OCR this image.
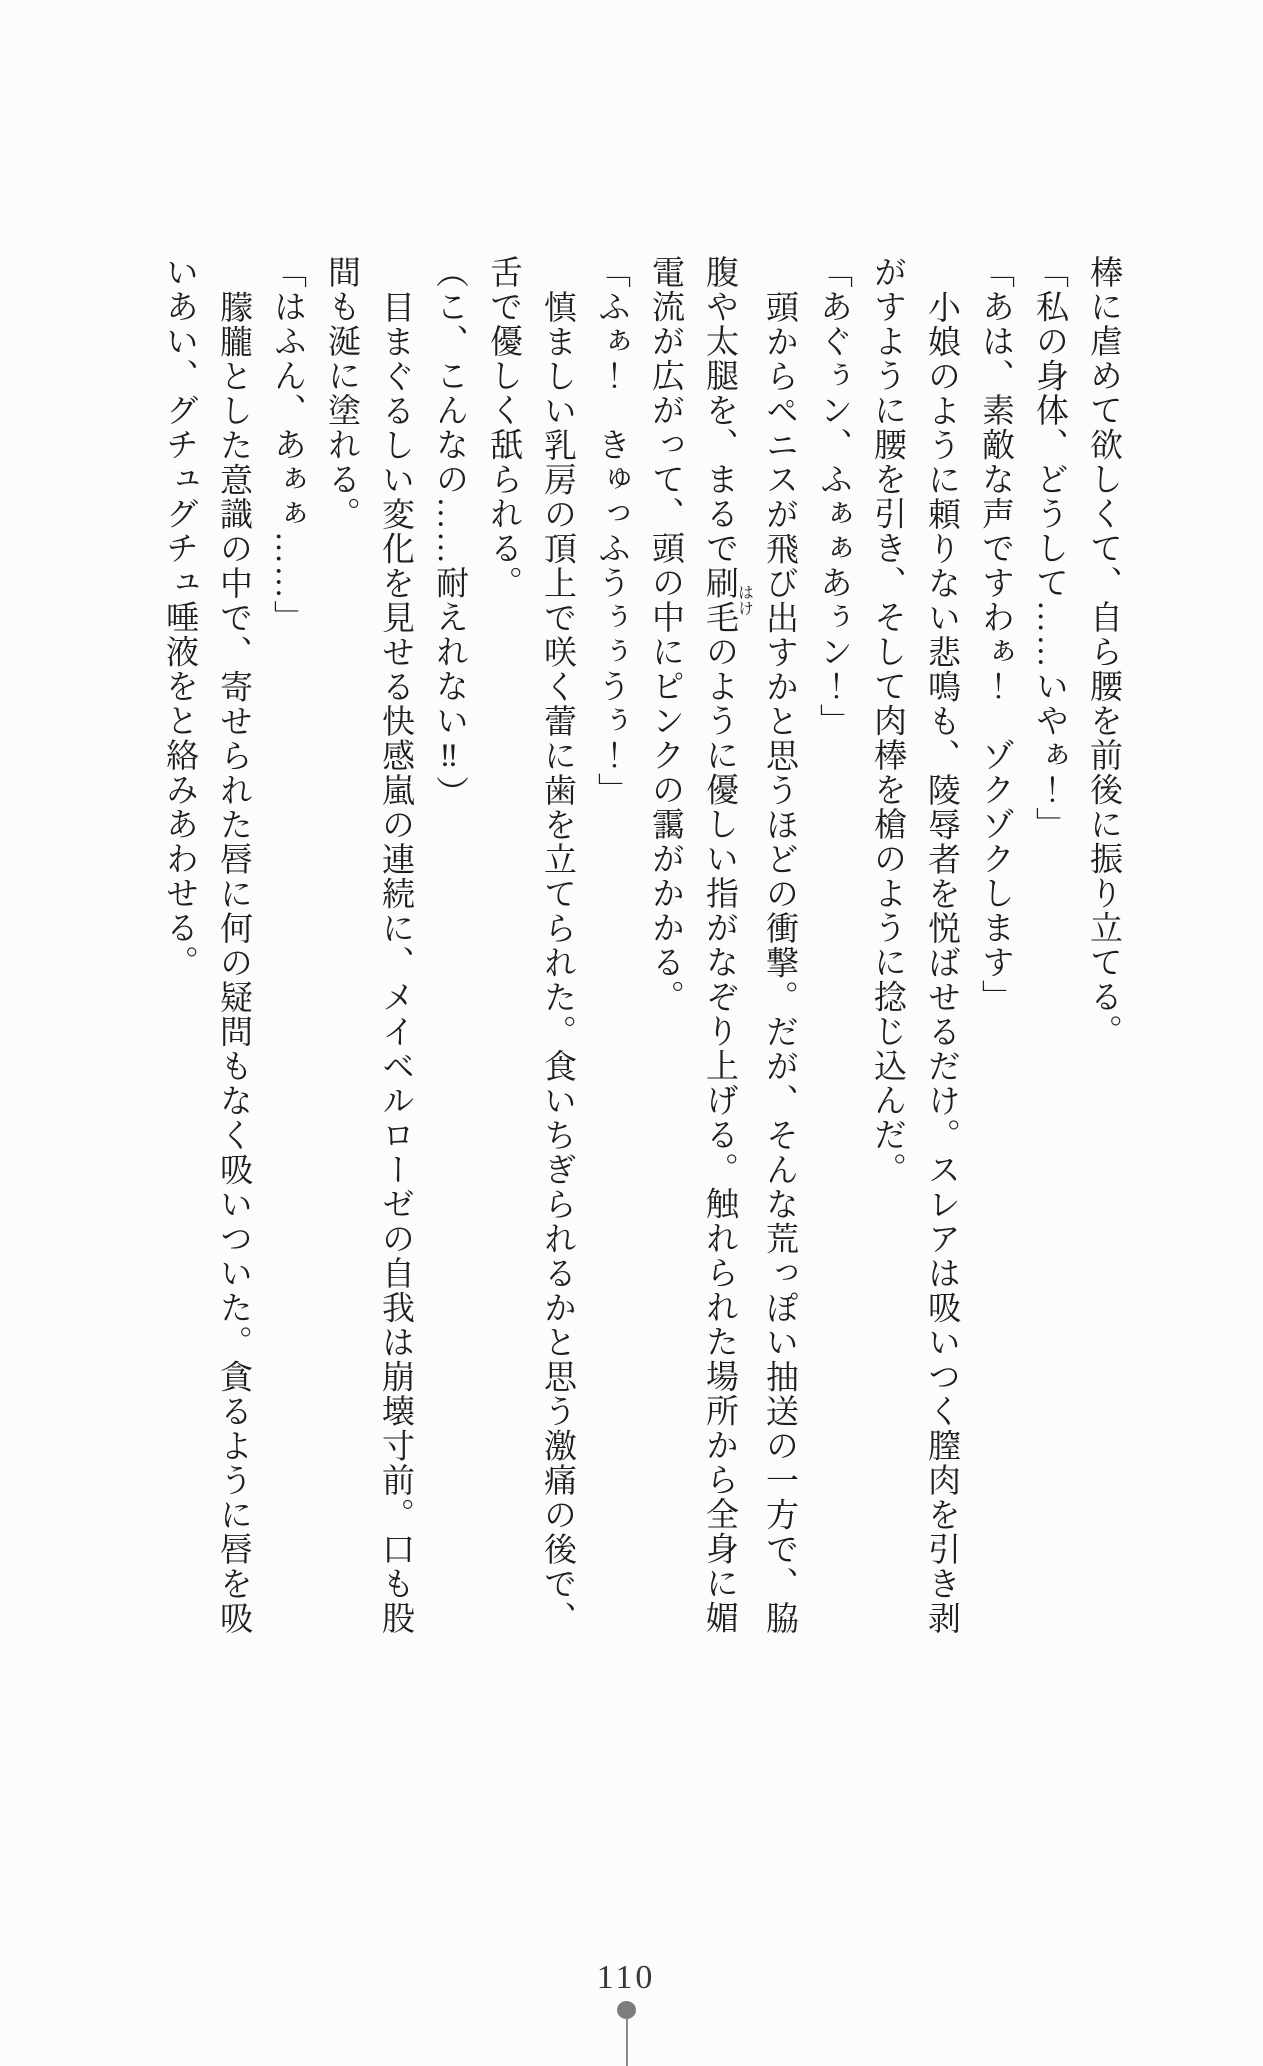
棒に虐めて欲しくて、自ら腰を前後に振り立てる。

「私の身体、どうして……いやぁ！」

「あは、素敵な声ですわぁ！　ゾクゾクします」

小娘のように頼りない悲鳴も、陵辱者を悦ばせるだけ。スレアは吸いつく膣肉を引き剥

がすように腰を引き、そして肉棒を槍のように捻じ込んだ。

「あぐぅン、ふぁぁあぅン！」

頭からペニスが飛び出すかと思うほどの衝撃。だが、そんな荒っぽい抽送の一方で、脇

腹や太腿を、まるで刷毛はけのように優しい指がなぞり上げる。触れられた場所から全身に媚

電流が広がって、頭の中にピンクの靄がかかる。

「ふぁ！　きゅっふうぅぅうぅ！」

慎ましい乳房の頂上で咲く蕾に歯を立てられた。食いちぎられるかと思う激痛の後で、

舌で優しく舐られる。

（こ、こんなの……耐えれない‼）

目まぐるしい変化を見せる快感嵐の連続に、メイベルローゼの自我は崩壊寸前。口も股

間も涎に塗れる。

「はふん、あぁぁ……」

朦朧とした意識の中で、寄せられた唇に何の疑問もなく吸いついた。貪るように唇を吸

いあい、グチュグチュ唾液をと絡みあわせる。

110
